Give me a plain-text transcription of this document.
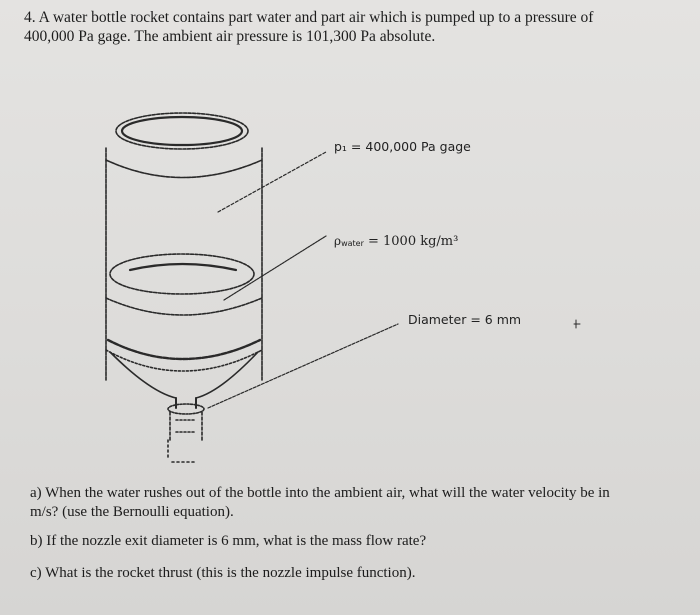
4. A water bottle rocket contains part water and part air which is pumped up to a pressure of
400,000 Pa gage. The ambient air pressure is 101,300 Pa absolute.
p₁ = 400,000 Pa gage
ρwater = 1000 kg/m³
Diameter = 6 mm
a) When the water rushes out of the bottle into the ambient air, what will the water velocity be in
m/s? (use the Bernoulli equation).
b) If the nozzle exit diameter is 6 mm, what is the mass flow rate?
c) What is the rocket thrust (this is the nozzle impulse function).
